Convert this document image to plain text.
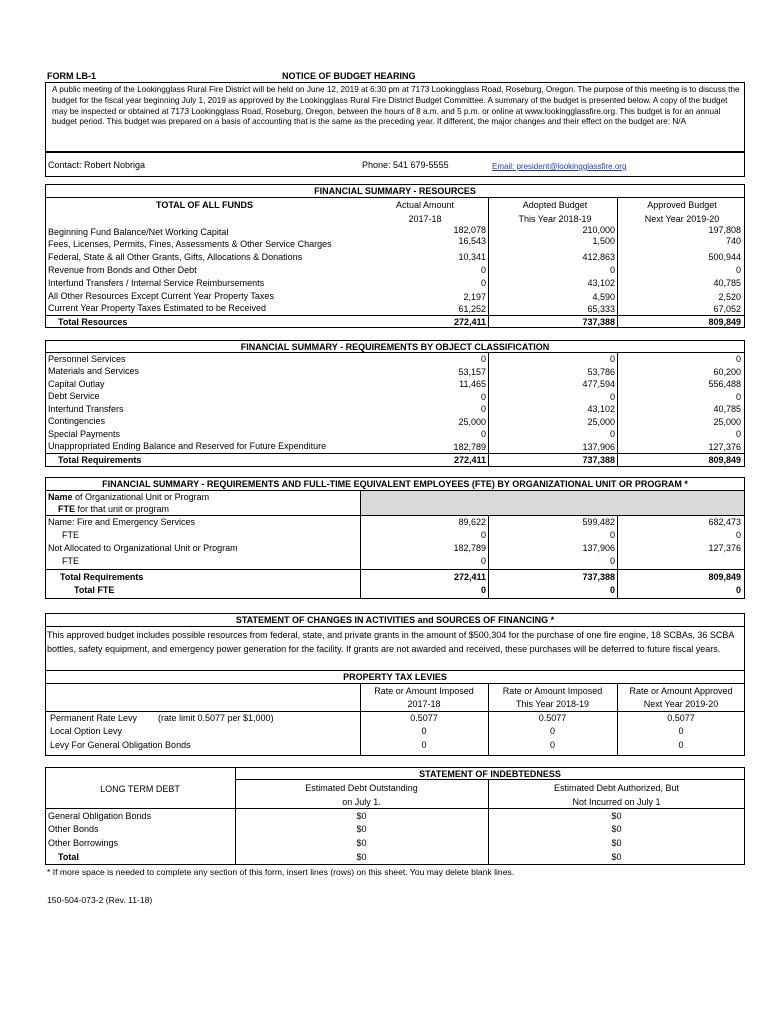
FORM LB-1	NOTICE OF BUDGET HEARING
A public meeting of the Lookingglass Rural Fire District will be held on June 12, 2019 at 6:30 pm at 7173 Lookingglass Road, Roseburg, Oregon. The purpose of this meeting is to discuss the budget for the fiscal year beginning July 1, 2019 as approved by the Lookingglass Rural Fire District Budget Committee. A summary of the budget is presented below. A copy of the budget may be inspected or obtained at 7173 Lookingglass Road, Roseburg, Oregon, between the hours of 8 a.m. and 5 p.m. or online at www.lookingglassfire.org. This budget is for an annual budget period. This budget was prepared on a basis of accounting that is the same as the preceding year. If different, the major changes and their effect on the budget are: N/A
Contact: Robert Nobriga	Phone: 541 679-5555	Email: president@lookingglassfire.org
FINANCIAL SUMMARY - RESOURCES
TOTAL OF ALL FUNDS	Actual Amount
2017-18
Adopted Budget
This Year 2018-19
Approved Budget
Next Year 2019-20
Beginning Fund Balance/Net Working Capital	182,078	210,000	197,808
Fees, Licenses, Permits, Fines, Assessments & Other Service Charges	16,543	1,500	740
Federal, State & all Other Grants, Gifts, Allocations & Donations	10,341	412,863	500,944
Revenue from Bonds and Other Debt	0	0	0
Interfund Transfers / Internal Service Reimbursements	0	43,102	40,785
All Other Resources Except Current Year Property Taxes	2,197	4,590	2,520
Current Year Property Taxes Estimated to be Received	61,252	65,333	67,052
Total Resources	272,411	737,388	809,849
FINANCIAL SUMMARY - REQUIREMENTS BY OBJECT CLASSIFICATION
Personnel Services	0	0	0
Materials and Services	53,157	53,786	60,200
Capital Outlay	11,465	477,594	556,488
Debt Service	0	0	0
Interfund Transfers	0	43,102	40,785
Contingencies	25,000	25,000	25,000
Special Payments	0	0	0
Unappropriated Ending Balance and Reserved for Future Expenditure	182,789	137,906	127,376
Total Requirements	272,411	737,388	809,849
FINANCIAL SUMMARY - REQUIREMENTS AND FULL-TIME EQUIVALENT EMPLOYEES (FTE) BY ORGANIZATIONAL UNIT OR PROGRAM *
Name of Organizational Unit or Program
FTE for that unit or program
Name: Fire and Emergency Services	89,622	599,482	682,473
FTE	0	0	0
Not Allocated to Organizational Unit or Program	182,789	137,906	127,376
FTE	0	0
Total Requirements	272,411	737,388	809,849
Total FTE	0	0	0
STATEMENT OF CHANGES IN ACTIVITIES and SOURCES OF FINANCING *
This approved budget includes possible resources from federal, state, and private grants in the amount of $500,304 for the purchase of one fire engine, 18 SCBAs, 36 SCBA bottles, safety equipment, and emergency power generation for the facility. If grants are not awarded and received, these purchases will be deferred to future fiscal years.
PROPERTY TAX LEVIES
Rate or Amount Imposed
2017-18
Rate or Amount Imposed
This Year 2018-19
Rate or Amount Approved
Next Year 2019-20
Permanent Rate Levy (rate limit 0.5077 per $1,000)	0.5077	0.5077	0.5077
Local Option Levy	0	0	0
Levy For General Obligation Bonds	0	0	0
STATEMENT OF INDEBTEDNESS
LONG TERM DEBT	Estimated Debt Outstanding
on July 1.
Estimated Debt Authorized, But
Not Incurred on July 1
General Obligation Bonds	$0	$0
Other Bonds	$0	$0
Other Borrowings	$0	$0
Total	$0	$0
* If more space is needed to complete any section of this form, insert lines (rows) on this sheet. You may delete blank lines.
150-504-073-2 (Rev. 11-18)
